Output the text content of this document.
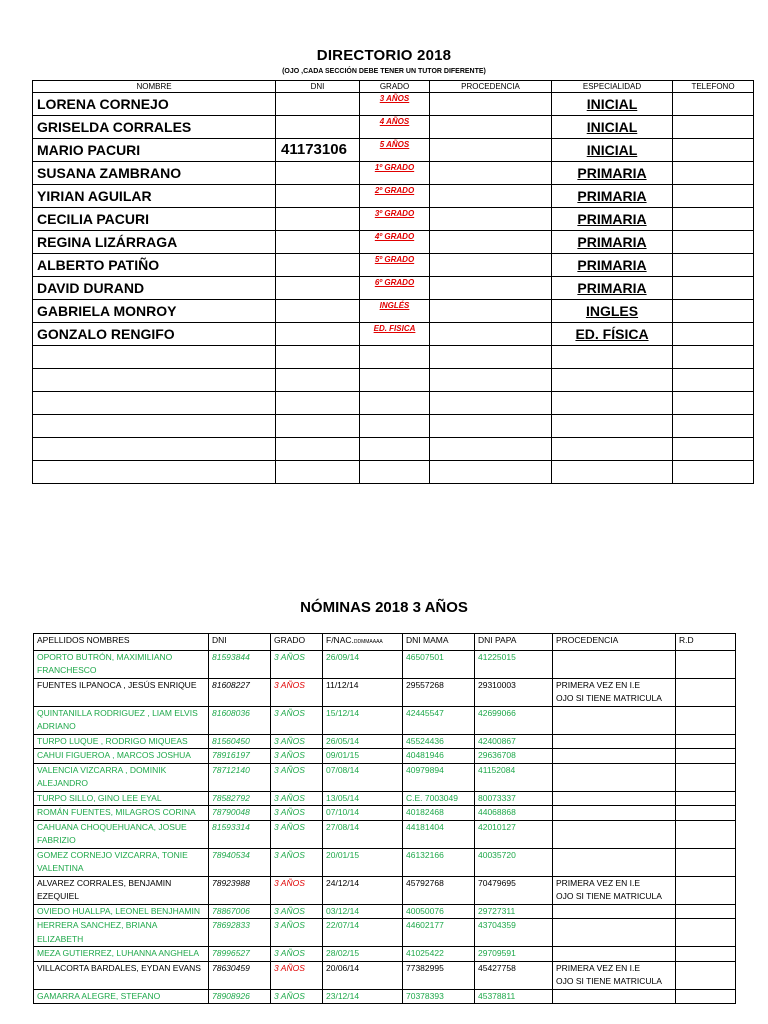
DIRECTORIO 2018
(OJO ,CADA SECCIÓN DEBE TENER UN TUTOR DIFERENTE)
NOMBRE	DNI	GRADO	PROCEDENCIA	ESPECIALIDAD	TELEFONO
LORENA CORNEJO		3 AÑOS		INICIAL	
GRISELDA CORRALES		4 AÑOS		INICIAL	
MARIO PACURI	41173106	5 AÑOS		INICIAL	
SUSANA ZAMBRANO		1º GRADO		PRIMARIA	
YIRIAN AGUILAR		2º GRADO		PRIMARIA	
CECILIA PACURI		3º GRADO		PRIMARIA	
REGINA LIZÁRRAGA		4º GRADO		PRIMARIA	
ALBERTO PATIÑO		5º GRADO		PRIMARIA	
DAVID DURAND		6º GRADO		PRIMARIA	
GABRIELA MONROY		INGLÉS		INGLES	
GONZALO RENGIFO		ED. FISICA		ED. FÍSICA	

NÓMINAS 2018 3 AÑOS
APELLIDOS NOMBRES	DNI	GRADO	F/NAC.DDMMAAAA	DNI MAMA	DNI PAPA	PROCEDENCIA	R.D
OPORTO BUTRÓN, MAXIMILIANO FRANCHESCO	81593844	3 AÑOS	26/09/14	46507501	41225015		
FUENTES ILPANOCA , JESÚS ENRIQUE	81608227	3 AÑOS	11/12/14	29557268	29310003	PRIMERA VEZ EN I.E
OJO SI TIENE MATRICULA	
QUINTANILLA RODRIGUEZ , LIAM ELVIS ADRIANO	81608036	3 AÑOS	15/12/14	42445547	42699066		
TURPO LUQUE , RODRIGO MIQUEAS	81560450	3 AÑOS	26/05/14	45524436	42400867		
CAHUI FIGUEROA , MARCOS JOSHUA	78916197	3 AÑOS	09/01/15	40481946	29636708		
VALENCIA VIZCARRA , DOMINIK ALEJANDRO	78712140	3 AÑOS	07/08/14	40979894	41152084		
TURPO SILLO, GINO LEE EYAL	78582792	3 AÑOS	13/05/14	C.E. 7003049	80073337		
ROMÁN FUENTES, MILAGROS CORINA	78790048	3 AÑOS	07/10/14	40182468	44068868		
CAHUANA CHOQUEHUANCA, JOSUE FABRIZIO	81593314	3 AÑOS	27/08/14	44181404	42010127		
GOMEZ CORNEJO VIZCARRA, TONIE VALENTINA	78940534	3 AÑOS	20/01/15	46132166	40035720		
ALVAREZ CORRALES, BENJAMIN EZEQUIEL	78923988	3 AÑOS	24/12/14	45792768	70479695	PRIMERA VEZ EN I.E
OJO SI TIENE MATRICULA	
OVIEDO HUALLPA, LEONEL BENJHAMIN	78867006	3 AÑOS	03/12/14	40050076	29727311		
HERRERA SANCHEZ, BRIANA ELIZABETH	78692833	3 AÑOS	22/07/14	44602177	43704359		
MEZA GUTIERREZ, LUHANNA ANGHELA	78996527	3 AÑOS	28/02/15	41025422	29709591		
VILLACORTA BARDALES, EYDAN EVANS	78630459	3 AÑOS	20/06/14	77382995	45427758	PRIMERA VEZ EN I.E
OJO SI TIENE MATRICULA	
GAMARRA ALEGRE, STEFANO	78908926	3 AÑOS	23/12/14	70378393	45378811		
